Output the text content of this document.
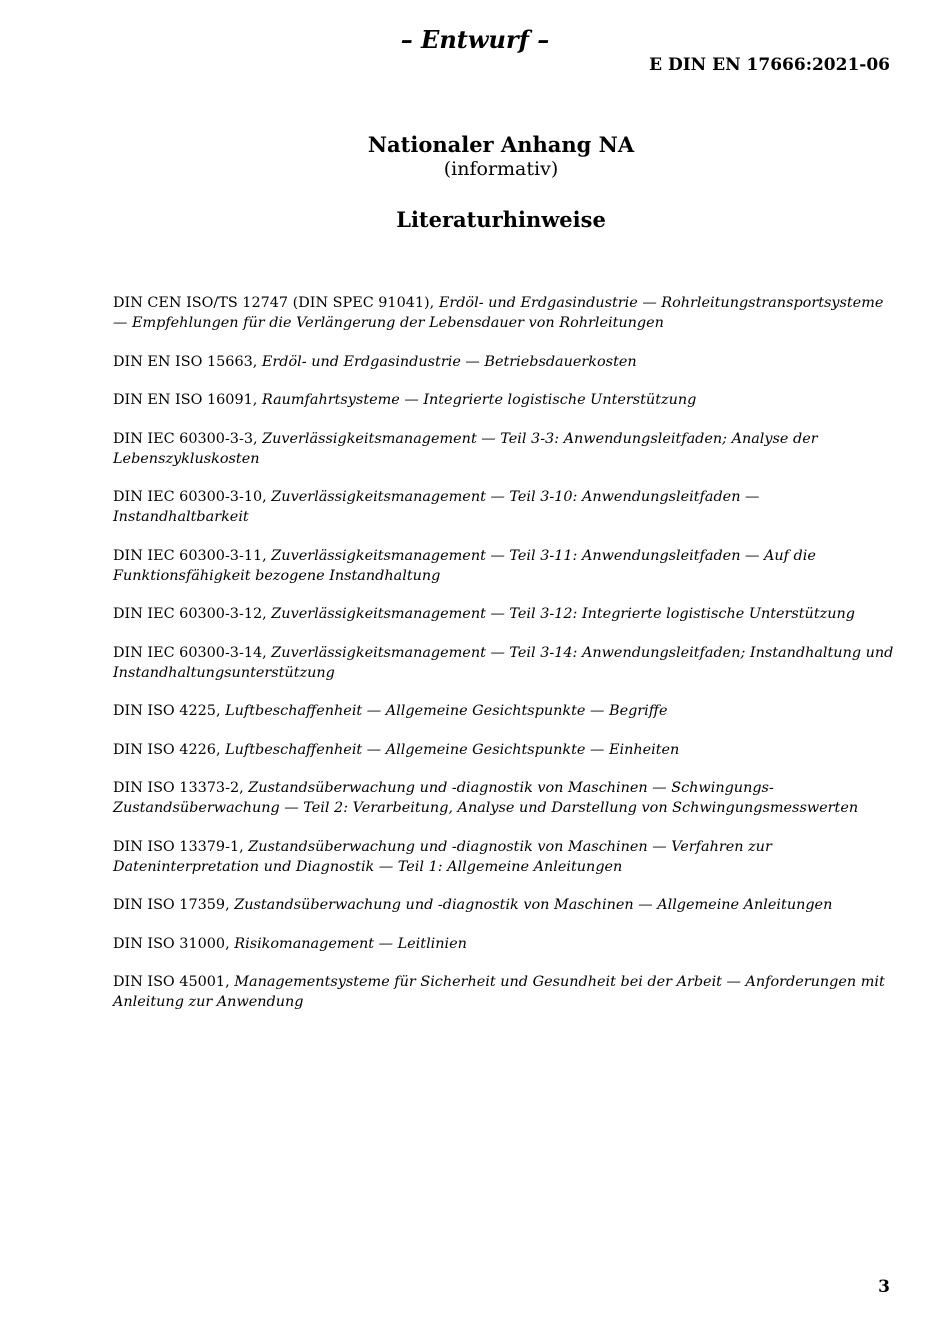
– Entwurf –
E DIN EN 17666:2021-06
Nationaler Anhang NA
(informativ)
Literaturhinweise
DIN CEN ISO/TS 12747 (DIN SPEC 91041), Erdöl- und Erdgasindustrie — Rohrleitungstransportsysteme — Empfehlungen für die Verlängerung der Lebensdauer von Rohrleitungen
DIN EN ISO 15663, Erdöl- und Erdgasindustrie — Betriebsdauerkosten
DIN EN ISO 16091, Raumfahrtsysteme — Integrierte logistische Unterstützung
DIN IEC 60300-3-3, Zuverlässigkeitsmanagement — Teil 3-3: Anwendungsleitfaden; Analyse der Lebenszykluskosten
DIN IEC 60300-3-10, Zuverlässigkeitsmanagement — Teil 3-10: Anwendungsleitfaden — Instandhaltbarkeit
DIN IEC 60300-3-11, Zuverlässigkeitsmanagement — Teil 3-11: Anwendungsleitfaden — Auf die Funktionsfähigkeit bezogene Instandhaltung
DIN IEC 60300-3-12, Zuverlässigkeitsmanagement — Teil 3-12: Integrierte logistische Unterstützung
DIN IEC 60300-3-14, Zuverlässigkeitsmanagement — Teil 3-14: Anwendungsleitfaden; Instandhaltung und Instandhaltungsunterstützung
DIN ISO 4225, Luftbeschaffenheit — Allgemeine Gesichtspunkte — Begriffe
DIN ISO 4226, Luftbeschaffenheit — Allgemeine Gesichtspunkte — Einheiten
DIN ISO 13373-2, Zustandsüberwachung und -diagnostik von Maschinen — Schwingungs-Zustandsüberwachung — Teil 2: Verarbeitung, Analyse und Darstellung von Schwingungsmesswerten
DIN ISO 13379-1, Zustandsüberwachung und -diagnostik von Maschinen — Verfahren zur Dateninterpretation und Diagnostik — Teil 1: Allgemeine Anleitungen
DIN ISO 17359, Zustandsüberwachung und -diagnostik von Maschinen — Allgemeine Anleitungen
DIN ISO 31000, Risikomanagement — Leitlinien
DIN ISO 45001, Managementsysteme für Sicherheit und Gesundheit bei der Arbeit — Anforderungen mit Anleitung zur Anwendung
3
